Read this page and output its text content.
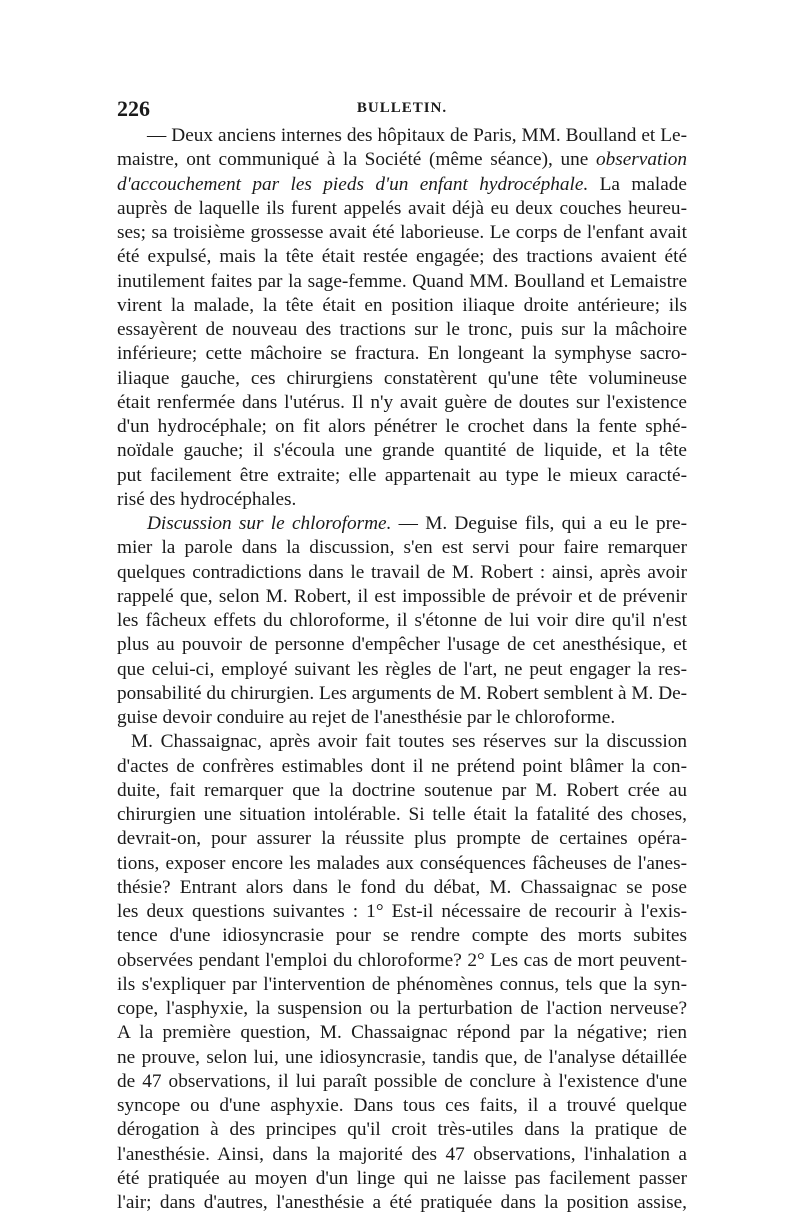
226	BULLETIN.
— Deux anciens internes des hôpitaux de Paris, MM. Boulland et Le-
maistre, ont communiqué à la Société (même séance), une observation
d'accouchement par les pieds d'un enfant hydrocéphale. La malade
auprès de laquelle ils furent appelés avait déjà eu deux couches heureu-
ses; sa troisième grossesse avait été laborieuse. Le corps de l'enfant avait
été expulsé, mais la tête était restée engagée; des tractions avaient été
inutilement faites par la sage-femme. Quand MM. Boulland et Lemaistre
virent la malade, la tête était en position iliaque droite antérieure; ils
essayèrent de nouveau des tractions sur le tronc, puis sur la mâchoire
inférieure; cette mâchoire se fractura. En longeant la symphyse sacro-
iliaque gauche, ces chirurgiens constatèrent qu'une tête volumineuse
était renfermée dans l'utérus. Il n'y avait guère de doutes sur l'existence
d'un hydrocéphale; on fit alors pénétrer le crochet dans la fente sphé-
noïdale gauche; il s'écoula une grande quantité de liquide, et la tête
put facilement être extraite; elle appartenait au type le mieux caracté-
risé des hydrocéphales.
Discussion sur le chloroforme. — M. Deguise fils, qui a eu le pre-
mier la parole dans la discussion, s'en est servi pour faire remarquer
quelques contradictions dans le travail de M. Robert : ainsi, après avoir
rappelé que, selon M. Robert, il est impossible de prévoir et de prévenir
les fâcheux effets du chloroforme, il s'étonne de lui voir dire qu'il n'est
plus au pouvoir de personne d'empêcher l'usage de cet anesthésique, et
que celui-ci, employé suivant les règles de l'art, ne peut engager la res-
ponsabilité du chirurgien. Les arguments de M. Robert semblent à M. De-
guise devoir conduire au rejet de l'anesthésie par le chloroforme.
M. Chassaignac, après avoir fait toutes ses réserves sur la discussion
d'actes de confrères estimables dont il ne prétend point blâmer la con-
duite, fait remarquer que la doctrine soutenue par M. Robert crée au
chirurgien une situation intolérable. Si telle était la fatalité des choses,
devrait-on, pour assurer la réussite plus prompte de certaines opéra-
tions, exposer encore les malades aux conséquences fâcheuses de l'anes-
thésie? Entrant alors dans le fond du débat, M. Chassaignac se pose
les deux questions suivantes : 1° Est-il nécessaire de recourir à l'exis-
tence d'une idiosyncrasie pour se rendre compte des morts subites
observées pendant l'emploi du chloroforme? 2° Les cas de mort peuvent-
ils s'expliquer par l'intervention de phénomènes connus, tels que la syn-
cope, l'asphyxie, la suspension ou la perturbation de l'action nerveuse?
A la première question, M. Chassaignac répond par la négative; rien
ne prouve, selon lui, une idiosyncrasie, tandis que, de l'analyse détaillée
de 47 observations, il lui paraît possible de conclure à l'existence d'une
syncope ou d'une asphyxie. Dans tous ces faits, il a trouvé quelque
dérogation à des principes qu'il croit très-utiles dans la pratique de
l'anesthésie. Ainsi, dans la majorité des 47 observations, l'inhalation a
été pratiquée au moyen d'un linge qui ne laisse pas facilement passer
l'air; dans d'autres, l'anesthésie a été pratiquée dans la position assise,
